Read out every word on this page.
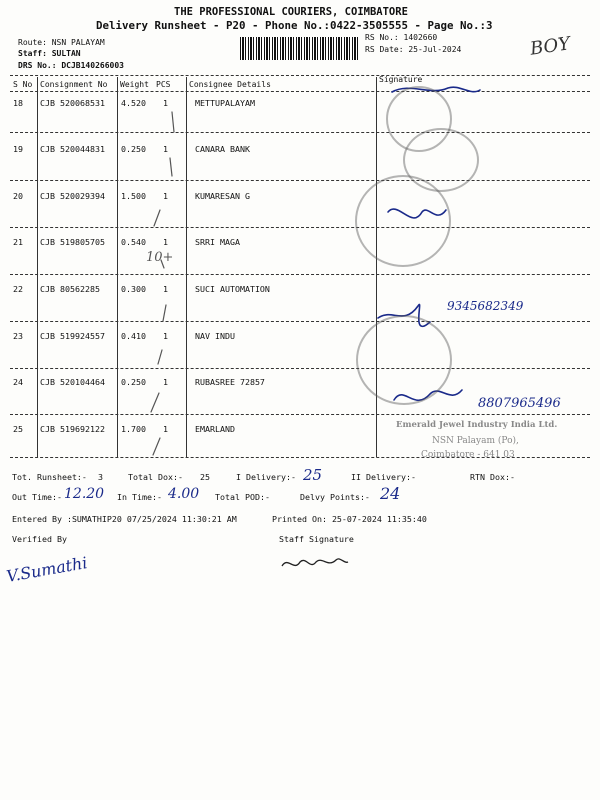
THE PROFESSIONAL COURIERS, COIMBATORE
Delivery Runsheet - P20 - Phone No.:0422-3505555 - Page No.:3
Route: NSN PALAYAM
Staff: SULTAN
DRS No.: DCJB140266003
RS No.: 1402660
RS Date: 25-Jul-2024	BOY
S No Consignment No Weight PCS Consignee Details
Signature
18 CJB 520068531 4.520 1	METTUPALAYAM
19 CJB 520044831 0.250 1	CANARA BANK
20 CJB 520029394 1.500 1	KUMARESAN G
21 CJB 519805705 0.540 1	SRRI MAGA
10+
22 CJB 80562285	0.300 1	SUCI AUTOMATION
23 CJB 519924557 0.410 1	NAV INDU
24 CJB 520104464 0.250 1	RUBASREE 72857
25 CJB 519692122 1.700 1	EMARLAND
9345682349
8807965496
Emerald Jewel Industry India Ltd.
NSN Palayam (Po),
Coimbatore - 641 03
Tot. Runsheet:- 3	Total Dox:- 25	I Delivery:- 25	II Delivery:-	RTN Dox:-
Out Time:- 12.20 In Time:- 4.00 Total POD:-	Delvy Points:- 24
Entered By :SUMATHIP20 07/25/2024 11:30:21 AM	Printed On: 25-07-2024 11:35:40
Verified By	Staff Signature
V.Sumathi
